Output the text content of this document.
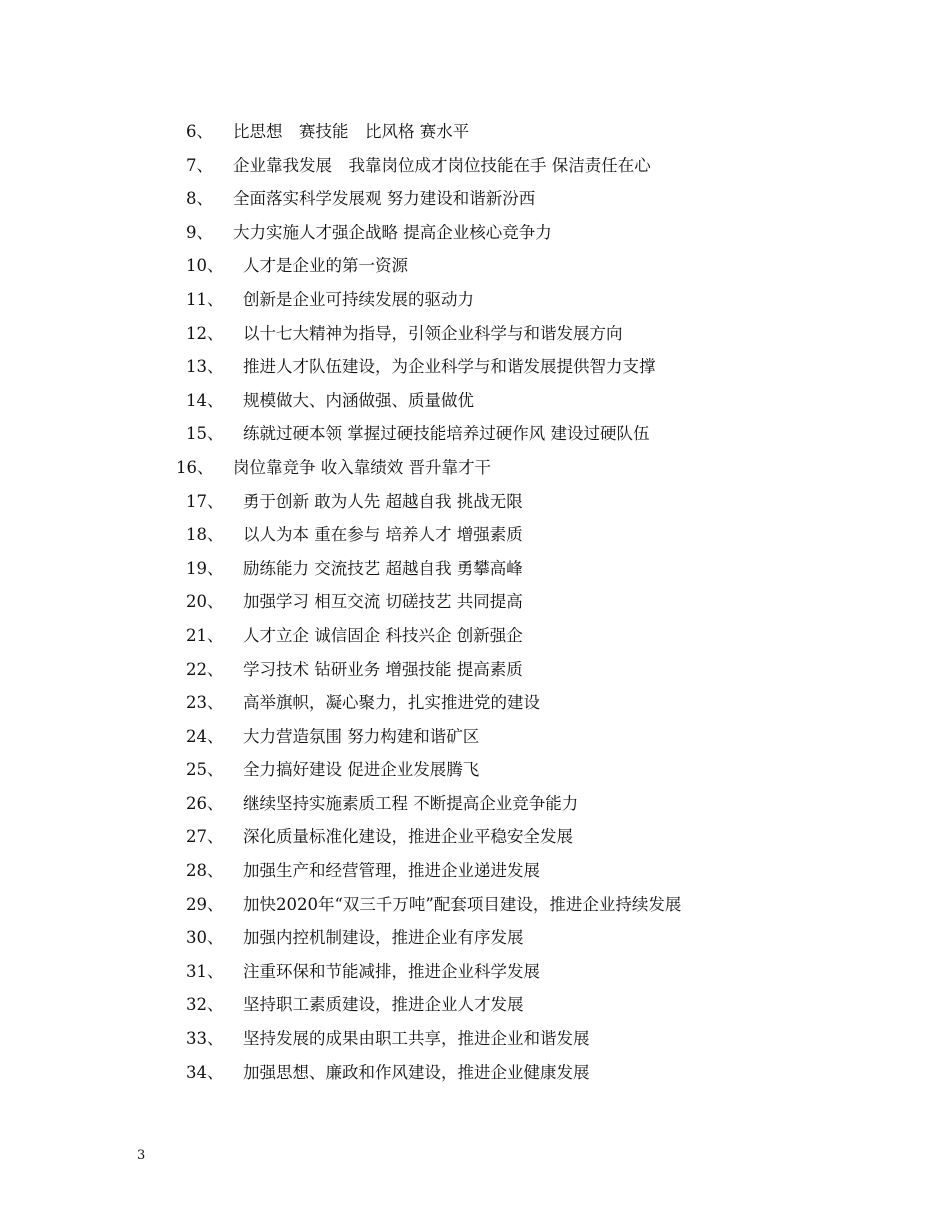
6、 比思想　赛技能　比风格 赛水平
7、 企业靠我发展　我靠岗位成才岗位技能在手 保洁责任在心
8、 全面落实科学发展观 努力建设和谐新汾西
9、 大力实施人才强企战略 提高企业核心竞争力
10、 人才是企业的第一资源
11、 创新是企业可持续发展的驱动力
12、 以十七大精神为指导，引领企业科学与和谐发展方向
13、 推进人才队伍建设，为企业科学与和谐发展提供智力支撑
14、 规模做大、内涵做强、质量做优
15、 练就过硬本领 掌握过硬技能培养过硬作风 建设过硬队伍
16、 岗位靠竞争 收入靠绩效 晋升靠才干
17、 勇于创新 敢为人先 超越自我 挑战无限
18、 以人为本 重在参与 培养人才 增强素质
19、 励练能力 交流技艺 超越自我 勇攀高峰
20、 加强学习 相互交流 切磋技艺 共同提高
21、 人才立企 诚信固企 科技兴企 创新强企
22、 学习技术 钻研业务 增强技能 提高素质
23、 高举旗帜，凝心聚力，扎实推进党的建设
24、 大力营造氛围 努力构建和谐矿区
25、 全力搞好建设 促进企业发展腾飞
26、 继续坚持实施素质工程 不断提高企业竞争能力
27、 深化质量标准化建设，推进企业平稳安全发展
28、 加强生产和经营管理，推进企业递进发展
29、 加快2020年“双三千万吨”配套项目建设，推进企业持续发展
30、 加强内控机制建设，推进企业有序发展
31、 注重环保和节能减排，推进企业科学发展
32、 坚持职工素质建设，推进企业人才发展
33、 坚持发展的成果由职工共享，推进企业和谐发展
34、 加强思想、廉政和作风建设，推进企业健康发展
3
